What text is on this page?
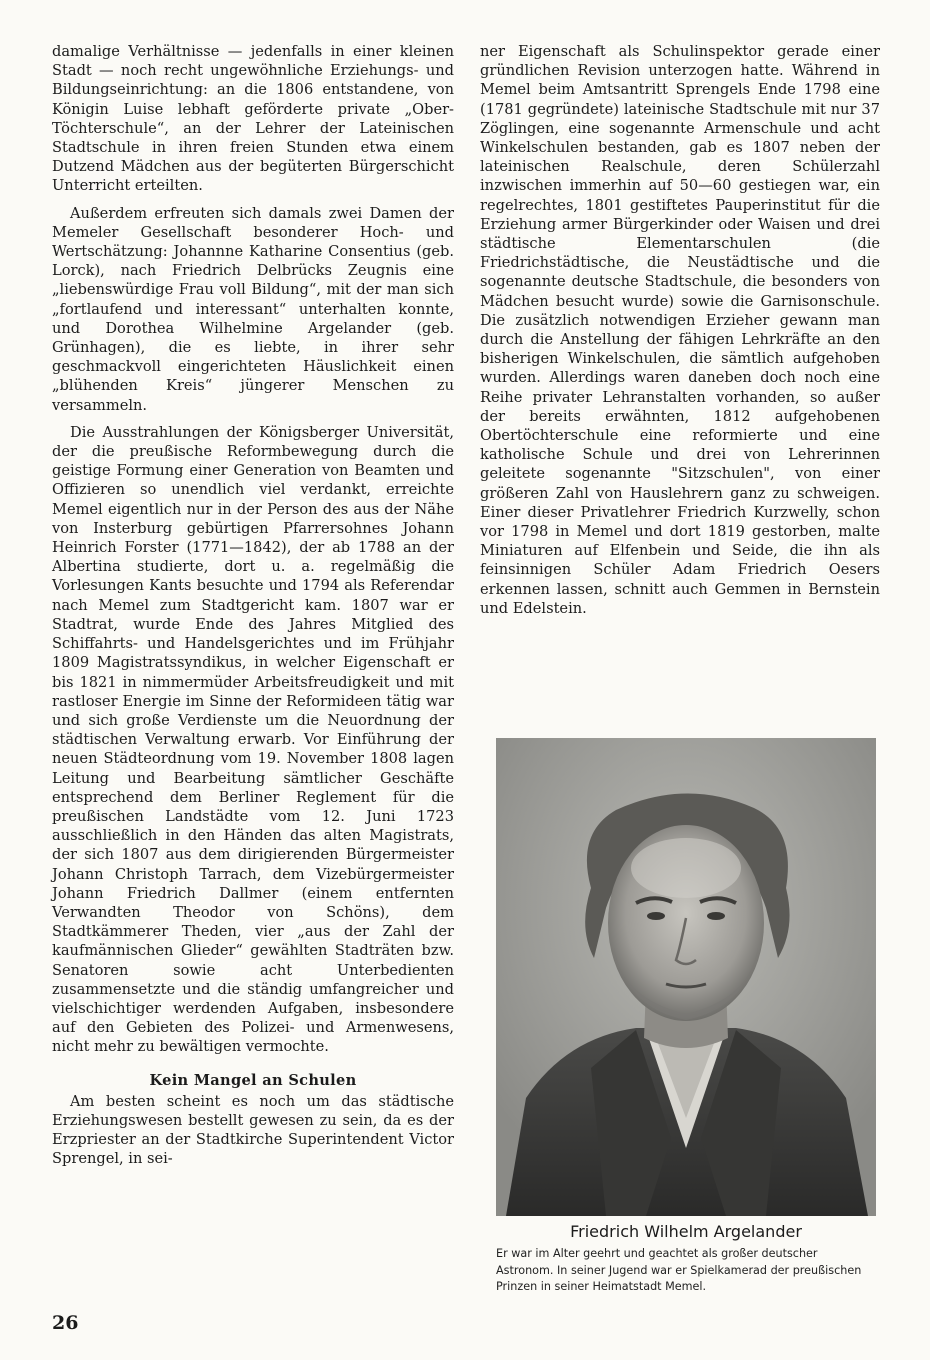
damalige Verhältnisse — jedenfalls in einer kleinen Stadt — noch recht ungewöhnliche Erziehungs- und Bildungseinrichtung: an die 1806 entstandene, von Königin Luise lebhaft geförderte private „Ober-Töchterschule“, an der Lehrer der Lateinischen Stadtschule in ihren freien Stunden etwa einem Dutzend Mädchen aus der begüterten Bürgerschicht Unterricht erteilten.

Außerdem erfreuten sich damals zwei Damen der Memeler Gesellschaft besonderer Hoch- und Wertschätzung: Johannne Katharine Consentius (geb. Lorck), nach Friedrich Delbrücks Zeugnis eine „liebenswürdige Frau voll Bildung“, mit der man sich „fortlaufend und interessant“ unterhalten konnte, und Dorothea Wilhelmine Argelander (geb. Grünhagen), die es liebte, in ihrer sehr geschmackvoll eingerichteten Häuslichkeit einen „blühenden Kreis“ jüngerer Menschen zu versammeln.

Die Ausstrahlungen der Königsberger Universität, der die preußische Reformbewegung durch die geistige Formung einer Generation von Beamten und Offizieren so unendlich viel verdankt, erreichte Memel eigentlich nur in der Person des aus der Nähe von Insterburg gebürtigen Pfarrersohnes Johann Heinrich Forster (1771—1842), der ab 1788 an der Albertina studierte, dort u. a. regelmäßig die Vorlesungen Kants besuchte und 1794 als Referendar nach Memel zum Stadtgericht kam. 1807 war er Stadtrat, wurde Ende des Jahres Mitglied des Schiffahrts- und Handelsgerichtes und im Frühjahr 1809 Magistratssyndikus, in welcher Eigenschaft er bis 1821 in nimmermüder Arbeitsfreudigkeit und mit rastloser Energie im Sinne der Reformideen tätig war und sich große Verdienste um die Neuordnung der städtischen Verwaltung erwarb. Vor Einführung der neuen Städteordnung vom 19. November 1808 lagen Leitung und Bearbeitung sämtlicher Geschäfte entsprechend dem Berliner Reglement für die preußischen Landstädte vom 12. Juni 1723 ausschließlich in den Händen das alten Magistrats, der sich 1807 aus dem dirigierenden Bürgermeister Johann Christoph Tarrach, dem Vizebürgermeister Johann Friedrich Dallmer (einem entfernten Verwandten Theodor von Schöns), dem Stadtkämmerer Theden, vier „aus der Zahl der kaufmännischen Glieder“ gewählten Stadträten bzw. Senatoren sowie acht Unterbedienten zusammensetzte und die ständig umfangreicher und vielschichtiger werdenden Aufgaben, insbesondere auf den Gebieten des Polizei- und Armenwesens, nicht mehr zu bewältigen vermochte.

Kein Mangel an Schulen

Am besten scheint es noch um das städtische Erziehungswesen bestellt gewesen zu sein, da es der Erzpriester an der Stadtkirche Superintendent Victor Sprengel, in sei-

ner Eigenschaft als Schulinspektor gerade einer gründlichen Revision unterzogen hatte. Während in Memel beim Amtsantritt Sprengels Ende 1798 eine (1781 gegründete) lateinische Stadtschule mit nur 37 Zöglingen, eine sogenannte Armenschule und acht Winkelschulen bestanden, gab es 1807 neben der lateinischen Realschule, deren Schülerzahl inzwischen immerhin auf 50—60 gestiegen war, ein regelrechtes, 1801 gestiftetes Pauperinstitut für die Erziehung armer Bürgerkinder oder Waisen und drei städtische Elementarschulen (die Friedrichstädtische, die Neustädtische und die sogenannte deutsche Stadtschule, die besonders von Mädchen besucht wurde) sowie die Garnisonschule. Die zusätzlich notwendigen Erzieher gewann man durch die Anstellung der fähigen Lehrkräfte an den bisherigen Winkelschulen, die sämtlich aufgehoben wurden. Allerdings waren daneben doch noch eine Reihe privater Lehranstalten vorhanden, so außer der bereits erwähnten, 1812 aufgehobenen Obertöchterschule eine reformierte und eine katholische Schule und drei von Lehrerinnen geleitete sogenannte "Sitzschulen", von einer größeren Zahl von Hauslehrern ganz zu schweigen. Einer dieser Privatlehrer Friedrich Kurzwelly, schon vor 1798 in Memel und dort 1819 gestorben, malte Miniaturen auf Elfenbein und Seide, die ihn als feinsinnigen Schüler Adam Friedrich Oesers erkennen lassen, schnitt auch Gemmen in Bernstein und Edelstein.

Friedrich Wilhelm Argelander
Er war im Alter geehrt und geachtet als großer deutscher Astronom. In seiner Jugend war er Spielkamerad der preußischen Prinzen in seiner Heimatstadt Memel.
26
